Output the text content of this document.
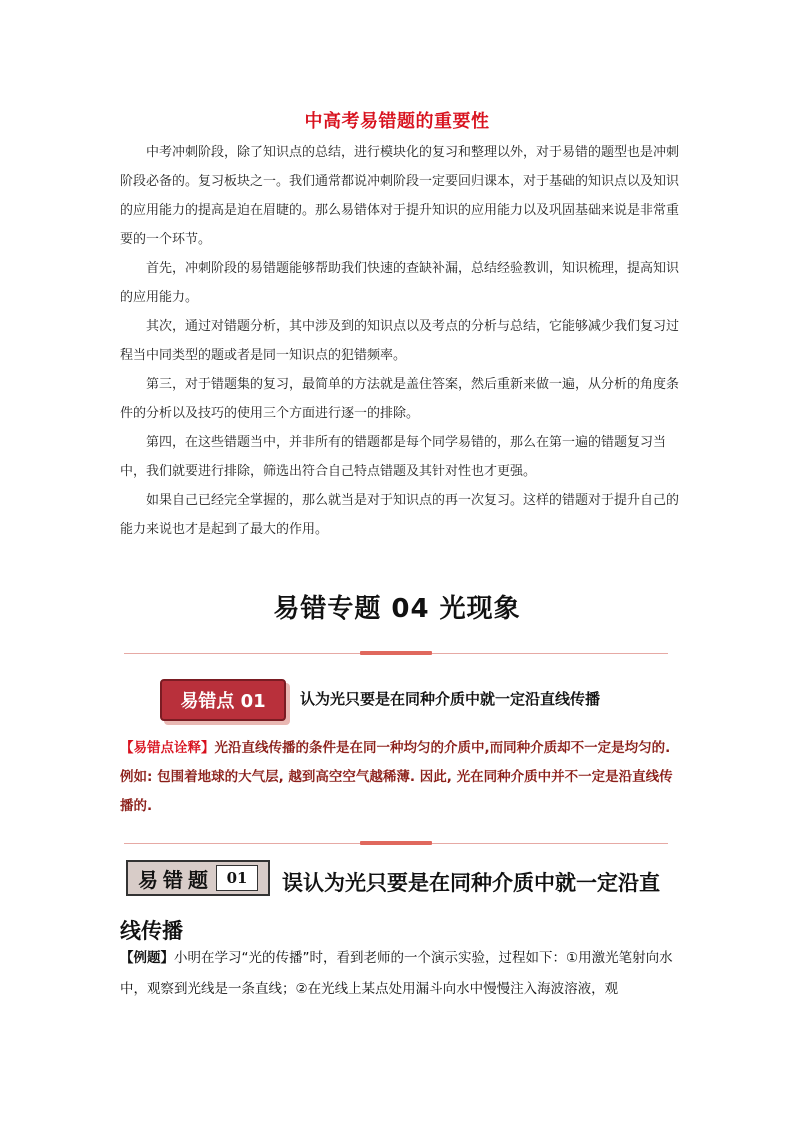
中高考易错题的重要性

中考冲刺阶段，除了知识点的总结，进行模块化的复习和整理以外，对于易错的题型也是冲刺阶段必备的。复习板块之一。我们通常都说冲刺阶段一定要回归课本，对于基础的知识点以及知识的应用能力的提高是迫在眉睫的。那么易错体对于提升知识的应用能力以及巩固基础来说是非常重要的一个环节。

首先，冲刺阶段的易错题能够帮助我们快速的查缺补漏，总结经验教训，知识梳理，提高知识的应用能力。

其次，通过对错题分析，其中涉及到的知识点以及考点的分析与总结，它能够减少我们复习过程当中同类型的题或者是同一知识点的犯错频率。

第三，对于错题集的复习，最简单的方法就是盖住答案，然后重新来做一遍，从分析的角度条件的分析以及技巧的使用三个方面进行逐一的排除。

第四，在这些错题当中，并非所有的错题都是每个同学易错的，那么在第一遍的错题复习当中，我们就要进行排除，筛选出符合自己特点错题及其针对性也才更强。

如果自己已经完全掌握的，那么就当是对于知识点的再一次复习。这样的错题对于提升自己的能力来说也才是起到了最大的作用。

易错专题 04 光现象
易错点 01	认为光只要是在同种介质中就一定沿直线传播
【易错点诠释】光沿直线传播的条件是在同一种均匀的介质中,而同种介质却不一定是均匀的. 例如: 包围着地球的大气层, 越到高空空气越稀薄. 因此, 光在同种介质中并不一定是沿直线传播的.
易错题 01	误认为光只要是在同种介质中就一定沿直线传播
【例题】小明在学习“光的传播”时，看到老师的一个演示实验，过程如下：①用激光笔射向水中，观察到光线是一条直线；②在光线上某点处用漏斗向水中慢慢注入海波溶液，观
